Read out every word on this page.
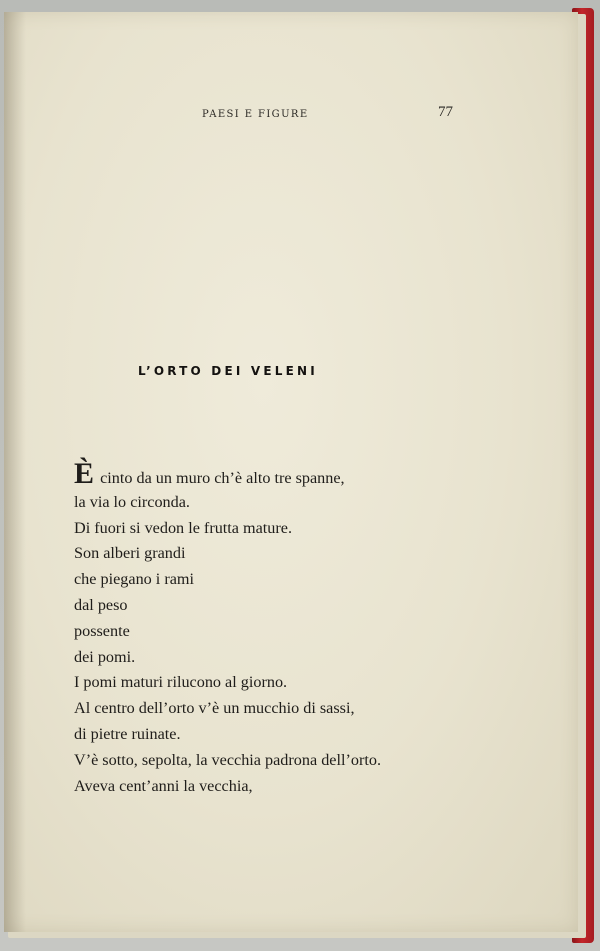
PAESI E FIGURE	77
L’ORTO DEI VELENI
È cinto da un muro ch’è alto tre spanne,
la via lo circonda.
Di fuori si vedon le frutta mature.
Son alberi grandi
che piegano i rami
dal peso
possente
dei pomi.
I pomi maturi rilucono al giorno.
Al centro dell’orto v’è un mucchio di sassi,
di pietre ruinate.
V’è sotto, sepolta, la vecchia padrona dell’orto.
Aveva cent’anni la vecchia,
